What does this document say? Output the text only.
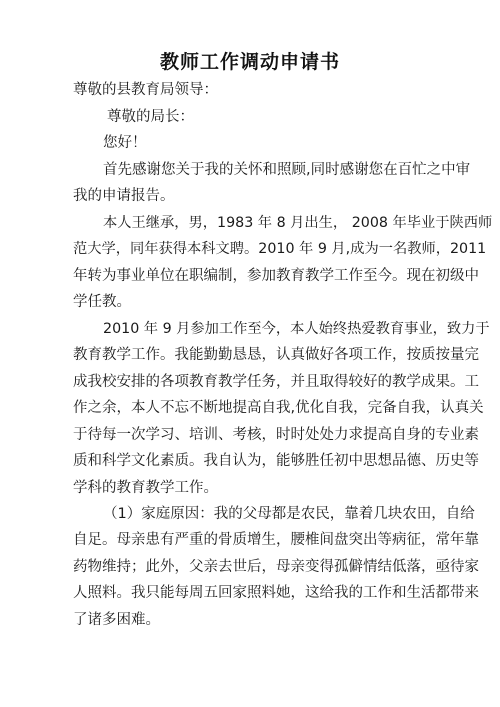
教师工作调动申请书
尊敬的县教育局领导：
尊敬的局长：
您好！
首先感谢您关于我的关怀和照顾,同时感谢您在百忙之中审
我的申请报告。
本人王继承，男，1983 年 8 月出生， 2008 年毕业于陕西师
范大学，同年获得本科文聘。2010 年 9 月,成为一名教师，2011
年转为事业单位在职编制，参加教育教学工作至今。现在初级中
学任教。
2010 年 9 月参加工作至今，本人始终热爱教育事业，致力于
教育教学工作。我能勤勤恳恳，认真做好各项工作，按质按量完
成我校安排的各项教育教学任务，并且取得较好的教学成果。工
作之余，本人不忘不断地提高自我,优化自我，完备自我，认真关
于待每一次学习、培训、考核，时时处处力求提高自身的专业素
质和科学文化素质。我自认为，能够胜任初中思想品德、历史等
学科的教育教学工作。
（1）家庭原因：我的父母都是农民，靠着几块农田，自给
自足。母亲患有严重的骨质增生，腰椎间盘突出等病征，常年靠
药物维持；此外，父亲去世后，母亲变得孤僻情结低落，亟待家
人照料。我只能每周五回家照料她，这给我的工作和生活都带来
了诸多困难。
